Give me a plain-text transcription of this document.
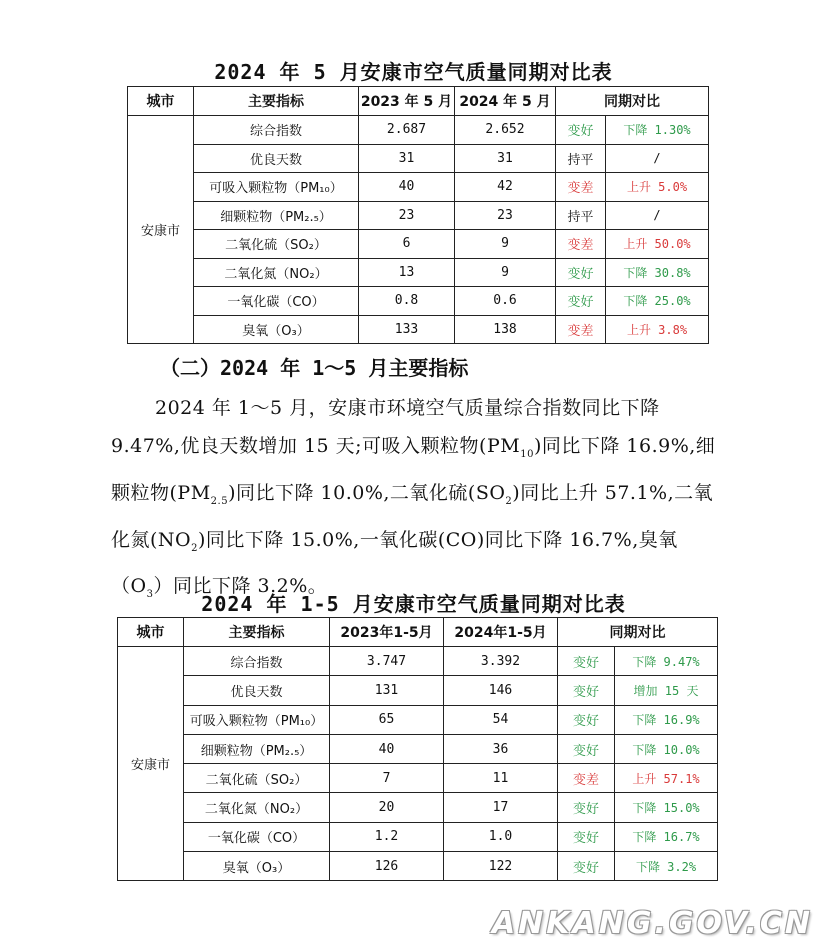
2024 年 5 月安康市空气质量同期对比表
城市	主要指标	2023 年 5 月	2024 年 5 月	同期对比	
安康市	综合指数	2.687	2.652	变好	下降 1.30%
	优良天数	31	31	持平	/
	可吸入颗粒物（PM₁₀）	40	42	变差	上升 5.0%
	细颗粒物（PM₂.₅）	23	23	持平	/
	二氧化硫（SO₂）	6	9	变差	上升 50.0%
	二氧化氮（NO₂）	13	9	变好	下降 30.8%
	一氧化碳（CO）	0.8	0.6	变好	下降 25.0%
	臭氧（O₃）	133	138	变差	上升 3.8%
（二）2024 年 1～5 月主要指标
2024 年 1～5 月，安康市环境空气质量综合指数同比下降 9.47%,优良天数增加 15 天;可吸入颗粒物$(PM_{10})$同比下降 16.9%,细颗粒物$(PM_{2.5})$同比下降 10.0%,二氧化硫$(SO_2)$同比上升 57.1%,二氧化氮$(NO_2)$同比下降 15.0%,一氧化碳(CO)同比下降 16.7%,臭氧$(O_3)$同比下降 3.2%。
2024 年 1-5 月安康市空气质量同期对比表
城市	主要指标	2023年1-5月	2024年1-5月	同期对比	
安康市	综合指数	3.747	3.392	变好	下降 9.47%
	优良天数	131	146	变好	增加 15 天
	可吸入颗粒物（PM₁₀）	65	54	变好	下降 16.9%
	细颗粒物（PM₂.₅）	40	36	变好	下降 10.0%
	二氧化硫（SO₂）	7	11	变差	上升 57.1%
	二氧化氮（NO₂）	20	17	变好	下降 15.0%
	一氧化碳（CO）	1.2	1.0	变好	下降 16.7%
	臭氧（O₃）	126	122	变好	下降 3.2%
ANKANG.GOV.CN
